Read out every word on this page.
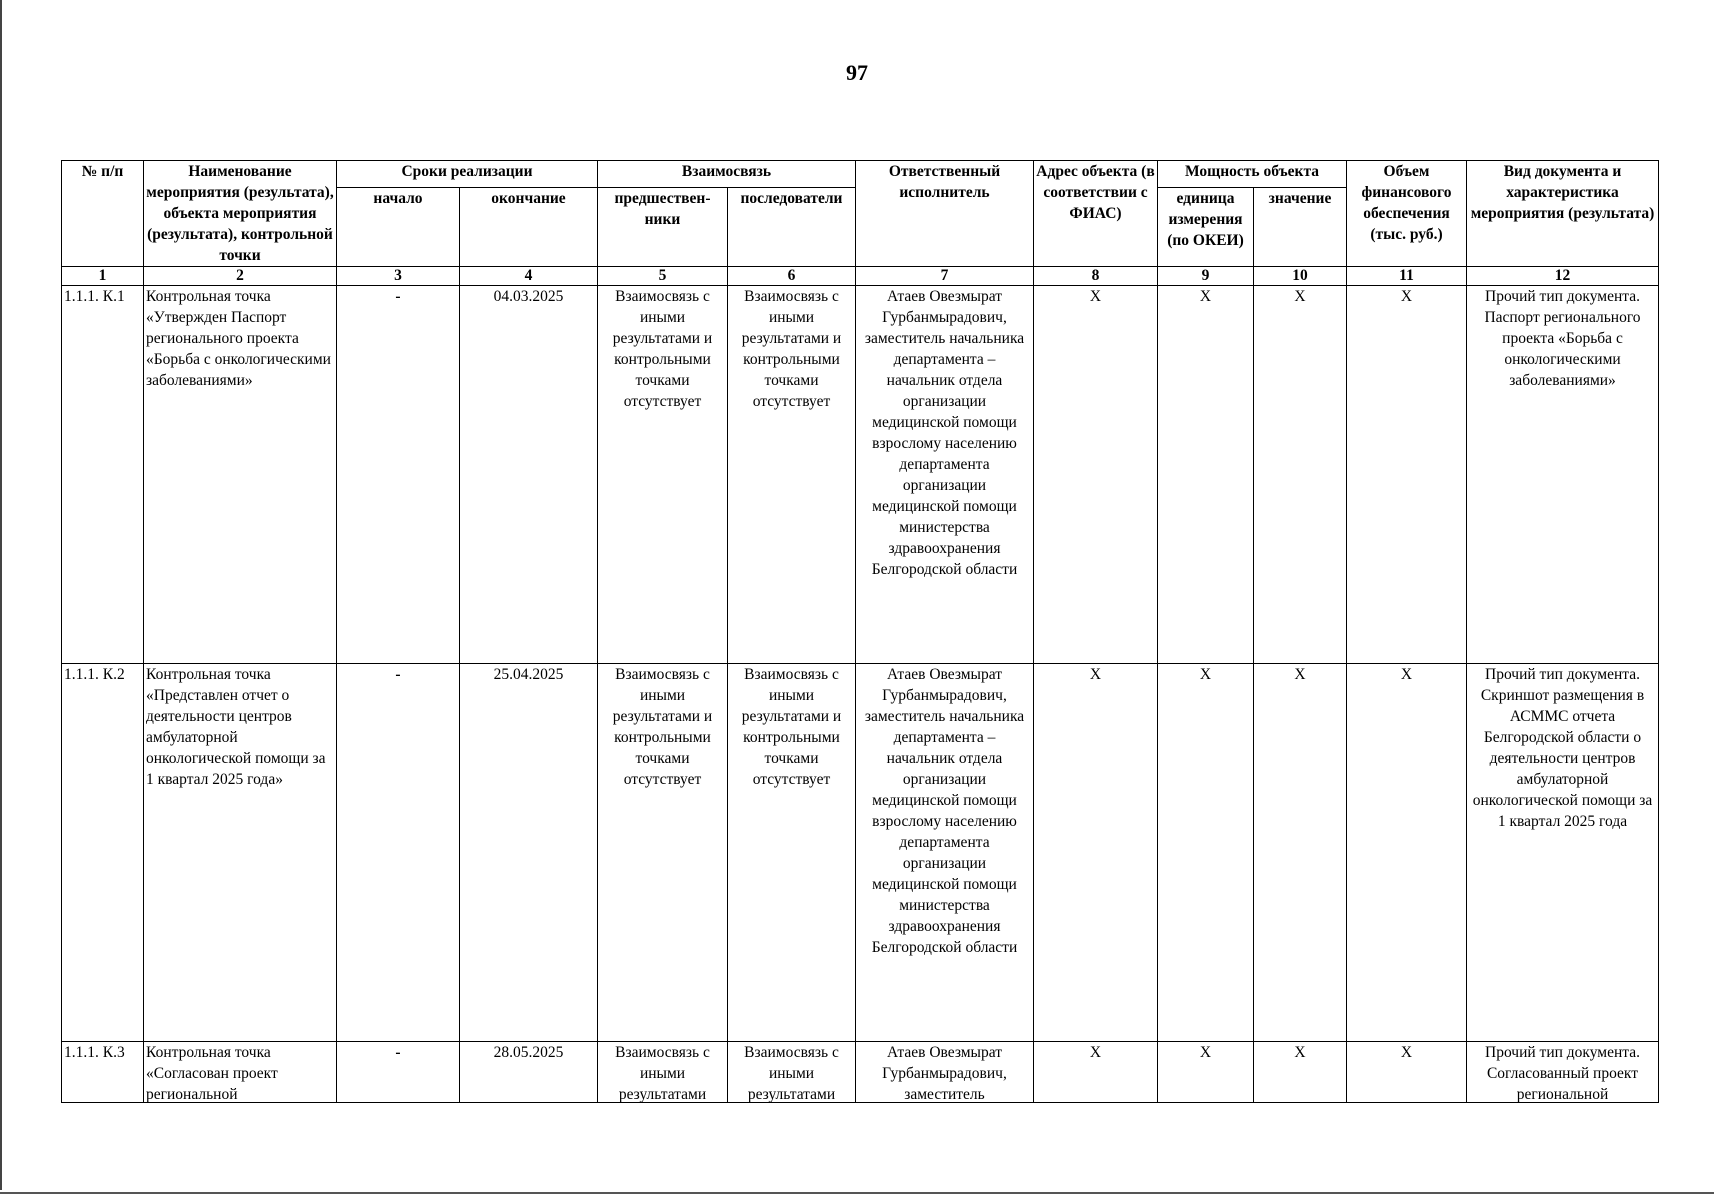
97
№ п/п	Наименование мероприятия (результата), объекта мероприятия (результата), контрольной точки	Сроки реализации		Взаимосвязь		Ответственный исполнитель	Адрес объекта (в соответствии с ФИАС)	Мощность объекта		Объем финансового обеспечения (тыс. руб.)	Вид документа и характеристика мероприятия (результата)
		начало	окончание	предшествен-ники	последователи			единица измерения (по ОКЕИ)	значение		
1	2	3	4	5	6	7	8	9	10	11	12
1.1.1. К.1	Контрольная точка «Утвержден Паспорт регионального проекта «Борьба с онкологическими заболеваниями»	-	04.03.2025	Взаимосвязь с иными результатами и контрольными точками отсутствует	Взаимосвязь с иными результатами и контрольными точками отсутствует	Атаев Овезмырат Гурбанмырадович, заместитель начальника департамента – начальник отдела организации медицинской помощи взрослому населению департамента организации медицинской помощи министерства здравоохранения Белгородской области	X	X	X	X	Прочий тип документа. Паспорт регионального проекта «Борьба с онкологическими заболеваниями»
1.1.1. К.2	Контрольная точка «Представлен отчет о деятельности центров амбулаторной онкологической помощи за 1 квартал 2025 года»	-	25.04.2025	Взаимосвязь с иными результатами и контрольными точками отсутствует	Взаимосвязь с иными результатами и контрольными точками отсутствует	Атаев Овезмырат Гурбанмырадович, заместитель начальника департамента – начальник отдела организации медицинской помощи взрослому населению департамента организации медицинской помощи министерства здравоохранения Белгородской области	X	X	X	X	Прочий тип документа. Скриншот размещения в АСММС отчета Белгородской области о деятельности центров амбулаторной онкологической помощи за 1 квартал 2025 года

1.1.1. К.3	Контрольная точка «Согласован проект региональной	-	28.05.2025	Взаимосвязь с иными результатами	Взаимосвязь с иными результатами	Атаев Овезмырат Гурбанмырадович, заместитель	X	X	X	X	Прочий тип документа. Согласованный проект региональной
